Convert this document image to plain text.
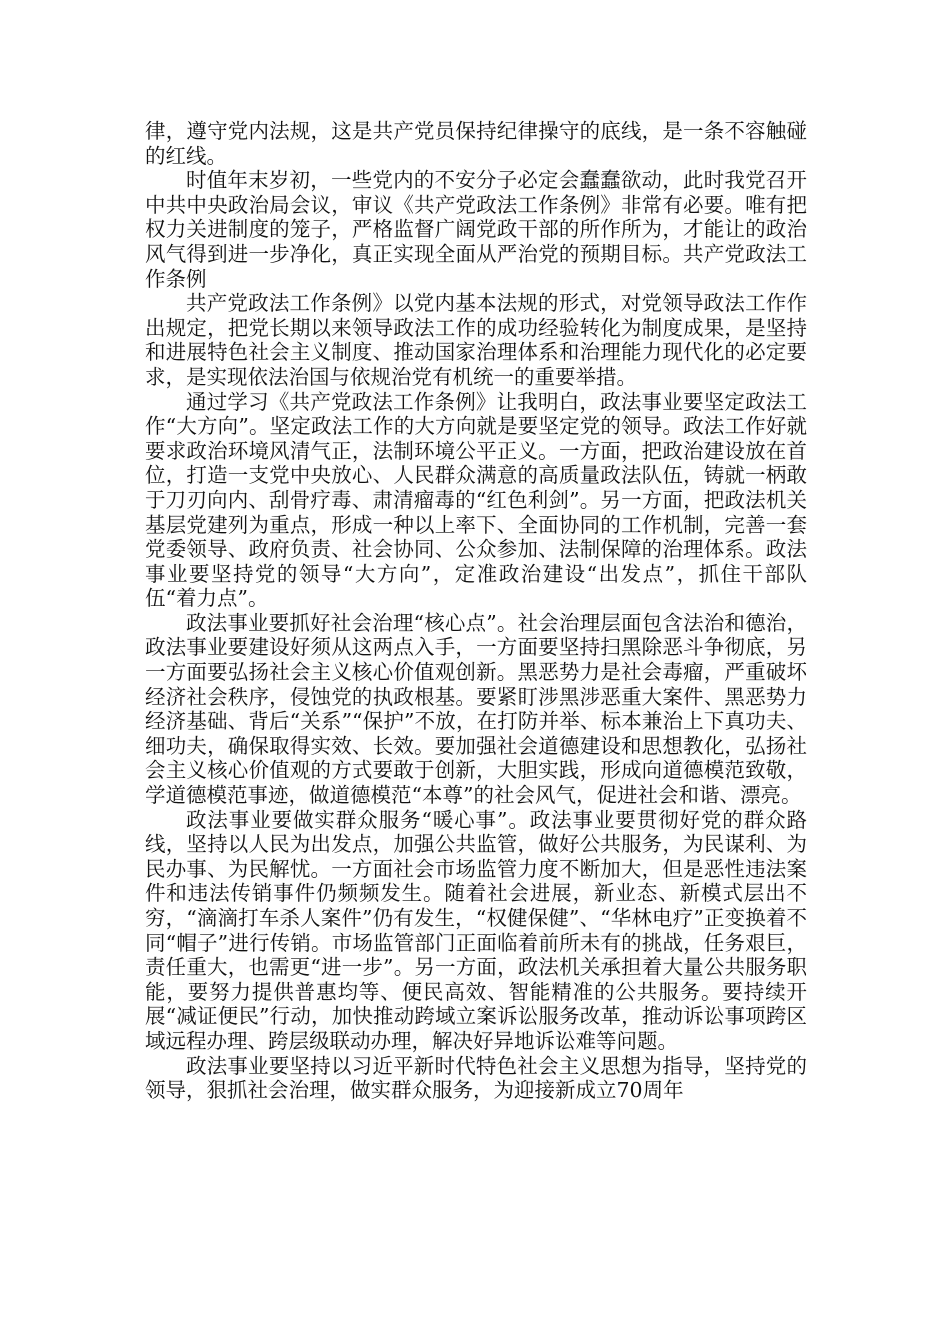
律，遵守党内法规，这是共产党员保持纪律操守的底线，是一条不容触碰的红线。

时值年末岁初，一些党内的不安分子必定会蠢蠢欲动，此时我党召开中共中央政治局会议，审议《共产党政法工作条例》非常有必要。唯有把权力关进制度的笼子，严格监督广阔党政干部的所作所为，才能让的政治风气得到进一步净化，真正实现全面从严治党的预期目标。共产党政法工作条例

共产党政法工作条例》以党内基本法规的形式，对党领导政法工作作出规定，把党长期以来领导政法工作的成功经验转化为制度成果，是坚持和进展特色社会主义制度、推动国家治理体系和治理能力现代化的必定要求，是实现依法治国与依规治党有机统一的重要举措。

通过学习《共产党政法工作条例》让我明白，政法事业要坚定政法工作“大方向”。坚定政法工作的大方向就是要坚定党的领导。政法工作好就要求政治环境风清气正，法制环境公平正义。一方面，把政治建设放在首位，打造一支党中央放心、人民群众满意的高质量政法队伍，铸就一柄敢于刀刃向内、刮骨疗毒、肃清瘤毒的“红色利剑”。另一方面，把政法机关基层党建列为重点，形成一种以上率下、全面协同的工作机制，完善一套党委领导、政府负责、社会协同、公众参加、法制保障的治理体系。政法事业要坚持党的领导“大方向”，定准政治建设“出发点”，抓住干部队伍“着力点”。

政法事业要抓好社会治理“核心点”。社会治理层面包含法治和德治，政法事业要建设好须从这两点入手，一方面要坚持扫黑除恶斗争彻底，另一方面要弘扬社会主义核心价值观创新。黑恶势力是社会毒瘤，严重破坏经济社会秩序，侵蚀党的执政根基。要紧盯涉黑涉恶重大案件、黑恶势力经济基础、背后“关系”“保护”不放，在打防并举、标本兼治上下真功夫、细功夫，确保取得实效、长效。要加强社会道德建设和思想教化，弘扬社会主义核心价值观的方式要敢于创新，大胆实践，形成向道德模范致敬，学道德模范事迹，做道德模范“本尊”的社会风气，促进社会和谐、漂亮。

政法事业要做实群众服务“暖心事”。政法事业要贯彻好党的群众路线，坚持以人民为出发点，加强公共监管，做好公共服务，为民谋利、为民办事、为民解忧。一方面社会市场监管力度不断加大，但是恶性违法案件和违法传销事件仍频频发生。随着社会进展，新业态、新模式层出不穷，“滴滴打车杀人案件”仍有发生，“权健保健”、“华林电疗”正变换着不同“帽子”进行传销。市场监管部门正面临着前所未有的挑战，任务艰巨，责任重大，也需更“进一步”。另一方面，政法机关承担着大量公共服务职能，要努力提供普惠均等、便民高效、智能精准的公共服务。要持续开展“减证便民”行动，加快推动跨域立案诉讼服务改革，推动诉讼事项跨区域远程办理、跨层级联动办理，解决好异地诉讼难等问题。

政法事业要坚持以习近平新时代特色社会主义思想为指导，坚持党的领导，狠抓社会治理，做实群众服务，为迎接新成立70周年
